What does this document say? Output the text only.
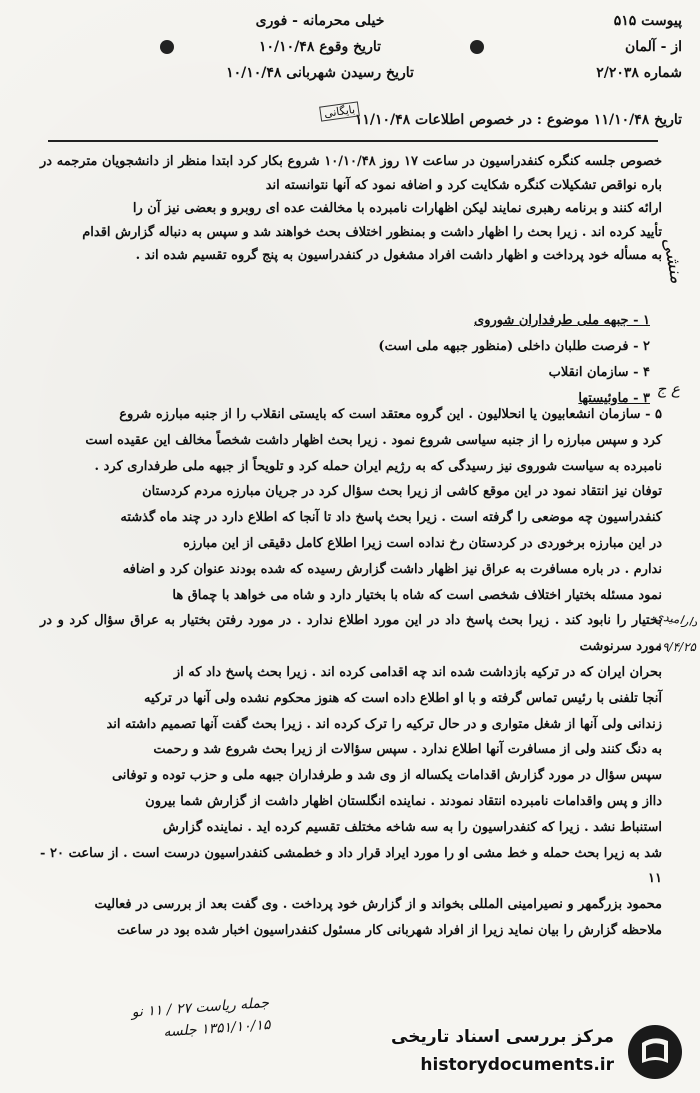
پیوست ۵۱۵
از - آلمان
شماره ۲/۲۰۳۸
خیلی محرمانه - فوری
تاریخ وقوع ۱۰/۱۰/۴۸
تاریخ رسیدن شهربانی ۱۰/۱۰/۴۸
تاریخ ۱۱/۱۰/۴۸ موضوع : در خصوص اطلاعات ۱۱/۱۰/۴۸
بایگانی

خصوص جلسه کنگره کنفدراسیون در ساعت ۱۷ روز ۱۰/۱۰/۴۸ شروع بکار کرد ابتدا منظر از دانشجویان مترجمه در باره نواقص تشکیلات کنگره شکایت کرد و اضافه نمود که آنها نتوانسته اند

ارائه کنند و برنامه رهبری نمایند لیکن اظهارات نامبرده با مخالفت عده ای روبرو و بعضی نیز آن را

تأیید کرده اند . زیرا بحث را اظهار داشت و بمنظور اختلاف بحث خواهند شد و سپس به دنباله گزارش اقدام

به مسأله خود پرداخت و اظهار داشت افراد مشغول در کنفدراسیون به پنج گروه تقسیم شده اند .

۱ - جبهه ملی طرفداران شوروی
۲ - فرصت طلبان داخلی (منظور جبهه ملی است)
۴ - سازمان انقلاب
۳ - ماوئیستها

۵ - سازمان انشعابیون یا انحلالیون . این گروه معتقد است که بایستی انقلاب را از جنبه مبارزه شروع

کرد و سپس مبارزه را از جنبه سیاسی شروع نمود . زیرا بحث اظهار داشت شخصاً مخالف این عقیده است

نامبرده به سیاست شوروی نیز رسیدگی که به رژیم ایران حمله کرد و تلویحاً از جبهه ملی طرفداری کرد .

توفان نیز انتقاد نمود در این موقع کاشی از زیرا بحث سؤال کرد در جریان مبارزه مردم کردستان

کنفدراسیون چه موضعی را گرفته است . زیرا بحث پاسخ داد تا آنجا که اطلاع دارد در چند ماه گذشته

در این مبارزه برخوردی در کردستان رخ نداده است زیرا اطلاع کامل دقیقی از این مبارزه

ندارم . در باره مسافرت به عراق نیز اظهار داشت گزارش رسیده که شده بودند عنوان کرد و اضافه

نمود مسئله بختیار اختلاف شخصی است که شاه با بختیار دارد و شاه می خواهد با چماق ها

بختیار را نابود کند . زیرا بحث پاسخ داد در این مورد اطلاع ندارد . در مورد رفتن بختیار به عراق سؤال کرد و در مورد سرنوشت

بحران ایران که در ترکیه بازداشت شده اند چه اقدامی کرده اند . زیرا بحث پاسخ داد که از

آنجا تلفنی با رئیس تماس گرفته و با او اطلاع داده است که هنوز محکوم نشده ولی آنها در ترکیه

زندانی ولی آنها از شغل متواری و در حال ترکیه را ترک کرده اند . زیرا بحث گفت آنها تصمیم داشته اند

به دنگ کنند ولی از مسافرت آنها اطلاع ندارد . سپس سؤالات از زیرا بحث شروع شد و رحمت

سپس سؤال در مورد گزارش اقدامات یکساله از وی شد و طرفداران جبهه ملی و حزب توده و توفانی

دااز و پس واقدامات نامبرده انتقاد نمودند . نماینده انگلستان اظهار داشت از گزارش شما بیرون

استنباط نشد . زیرا که کنفدراسیون را به سه شاخه مختلف تقسیم کرده اید . نماینده گزارش

شد به زیرا بحث حمله و خط مشی او را مورد ایراد قرار داد و خطمشی کنفدراسیون درست است . از ساعت ۲۰ - ۱۱

محمود بزرگمهر و نصیرامینی المللی بخواند و از گزارش خود پرداخت . وی گفت بعد از بررسی در فعالیت

ملاحظه گزارش را بیان نماید زیرا از افراد شهربانی کار مسئول کنفدراسیون اخبار شده بود در ساعت

منشی
ع ج
دارامیدی
۱۹/۴/۲۵
جمله ریاست ۲۷ / ۱۱ نو
۱۳۵۱/۱۰/۱۵ جلسه	مرکز بررسی اسناد تاریخی
historydocuments.ir
